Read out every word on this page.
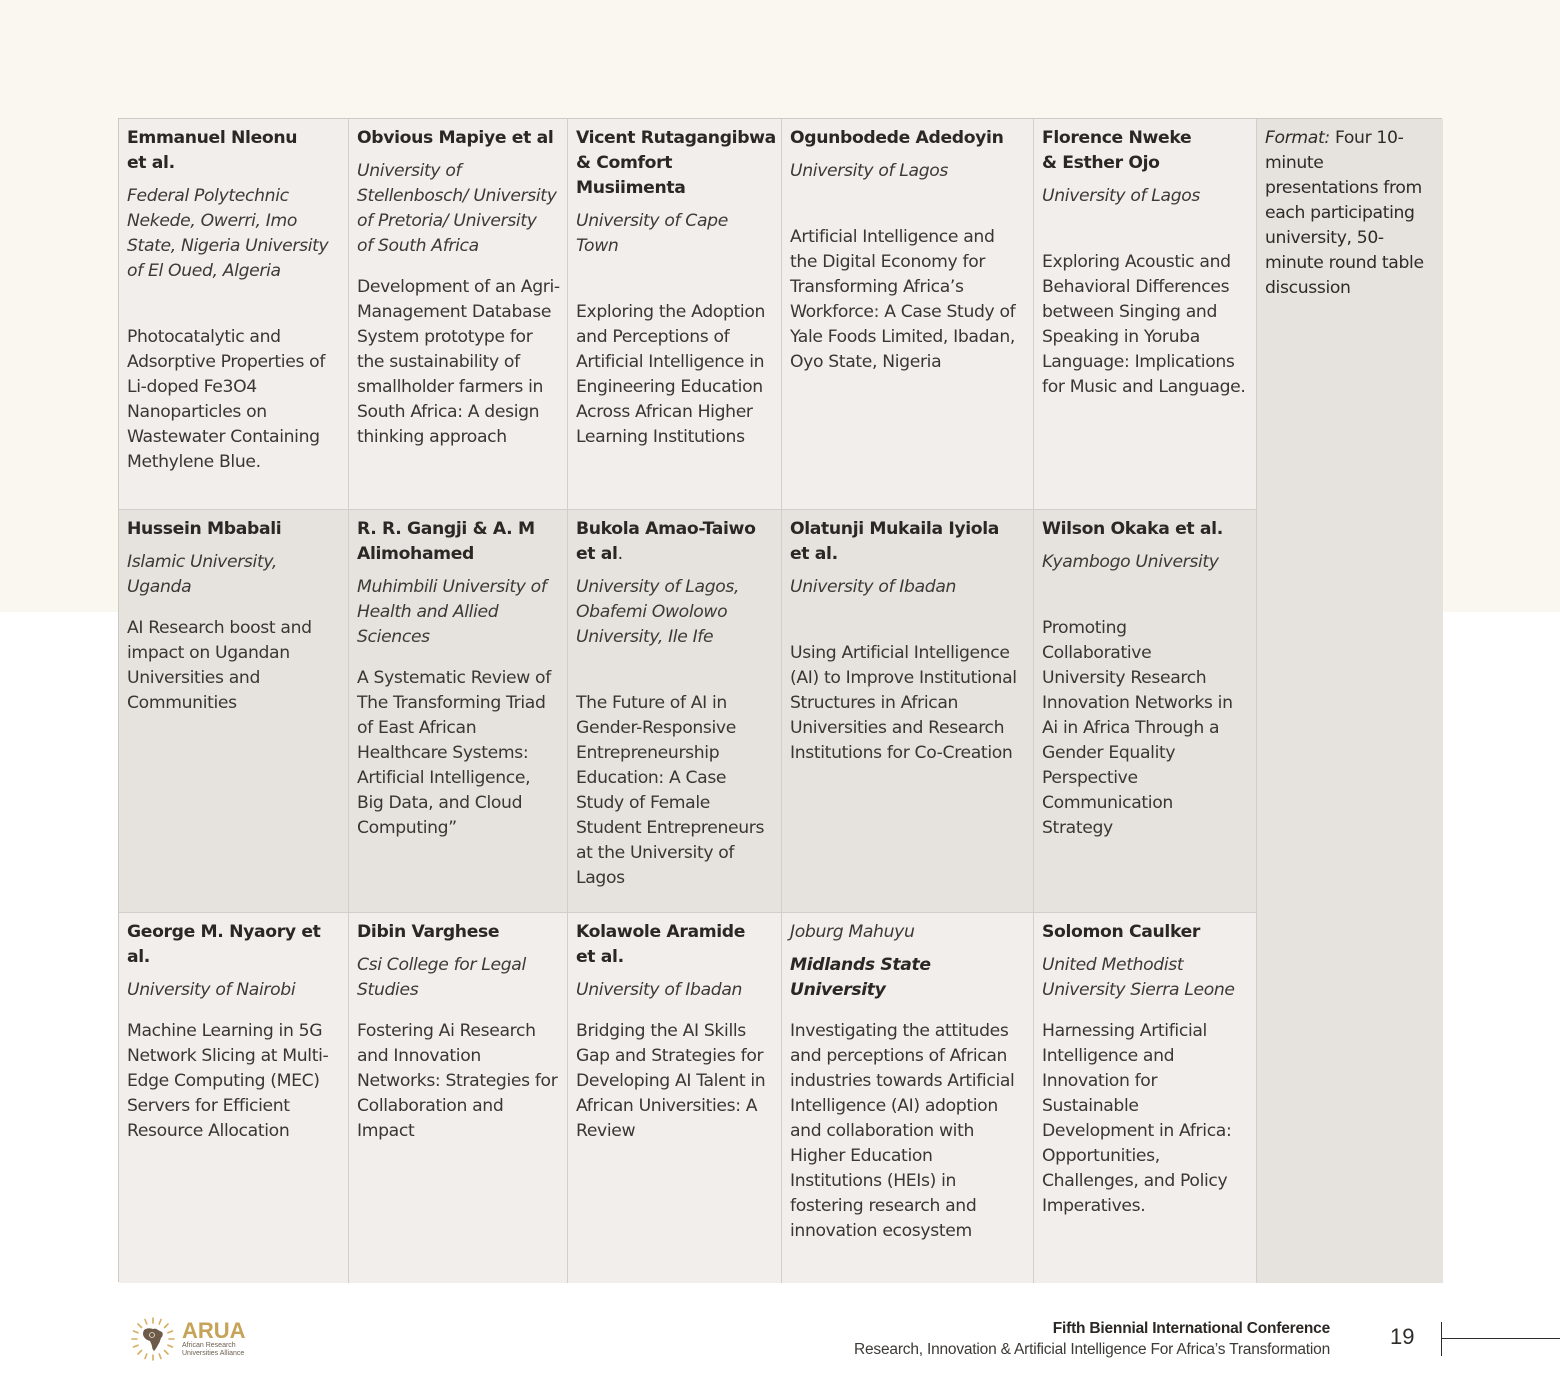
Emmanuel Nleonu et al.
Federal Polytechnic Nekede, Owerri, Imo State, Nigeria University of El Oued, Algeria
Photocatalytic and Adsorptive Properties of Li-doped Fe3O4 Nanoparticles on Wastewater Containing Methylene Blue.
Obvious Mapiye et al
University of Stellenbosch/ University of Pretoria/ University of South Africa
Development of an Agri-Management Database System prototype for the sustainability of smallholder farmers in South Africa: A design thinking approach
Vicent Rutagangibwa & Comfort Musiimenta
University of Cape Town
Exploring the Adoption and Perceptions of Artificial Intelligence in Engineering Education Across African Higher Learning Institutions
Ogunbodede Adedoyin
University of Lagos
Artificial Intelligence and the Digital Economy for Transforming Africa’s Workforce: A Case Study of Yale Foods Limited, Ibadan, Oyo State, Nigeria
Florence Nweke & Esther Ojo
University of Lagos
Exploring Acoustic and Behavioral Differences between Singing and Speaking in Yoruba Language: Implications for Music and Language.
Format: Four 10-minute presentations from each participating university, 50-minute round table discussion
Hussein Mbabali
Islamic University, Uganda
AI Research boost and impact on Ugandan Universities and Communities
R. R. Gangji & A. M Alimohamed
Muhimbili University of Health and Allied Sciences
A Systematic Review of The Transforming Triad of East African Healthcare Systems: Artificial Intelligence, Big Data, and Cloud Computing”
Bukola Amao-Taiwo et al.
University of Lagos, Obafemi Owolowo University, Ile Ife
The Future of AI in Gender-Responsive Entrepreneurship Education: A Case Study of Female Student Entrepreneurs at the University of Lagos
Olatunji Mukaila Iyiola et al.
University of Ibadan
Using Artificial Intelligence (AI) to Improve Institutional Structures in African Universities and Research Institutions for Co-Creation
Wilson Okaka et al.
Kyambogo University
Promoting Collaborative University Research Innovation Networks in Ai in Africa Through a Gender Equality Perspective Communication Strategy
George M. Nyaory et al.
University of Nairobi
Machine Learning in 5G Network Slicing at Multi-Edge Computing (MEC) Servers for Efficient Resource Allocation
Dibin Varghese
Csi College for Legal Studies
Fostering Ai Research and Innovation Networks: Strategies for Collaboration and Impact
Kolawole Aramide et al.
University of Ibadan
Bridging the AI Skills Gap and Strategies for Developing AI Talent in African Universities: A Review
Joburg Mahuyu
Midlands State University
Investigating the attitudes and perceptions of African industries towards Artificial Intelligence (AI) adoption and collaboration with Higher Education Institutions (HEIs) in fostering research and innovation ecosystem
Solomon Caulker
United Methodist University Sierra Leone
Harnessing Artificial Intelligence and Innovation for Sustainable Development in Africa: Opportunities, Challenges, and Policy Imperatives.
ARUA
African Research
Universities Alliance
Fifth Biennial International Conference
Research, Innovation & Artificial Intelligence For Africa’s Transformation
19
